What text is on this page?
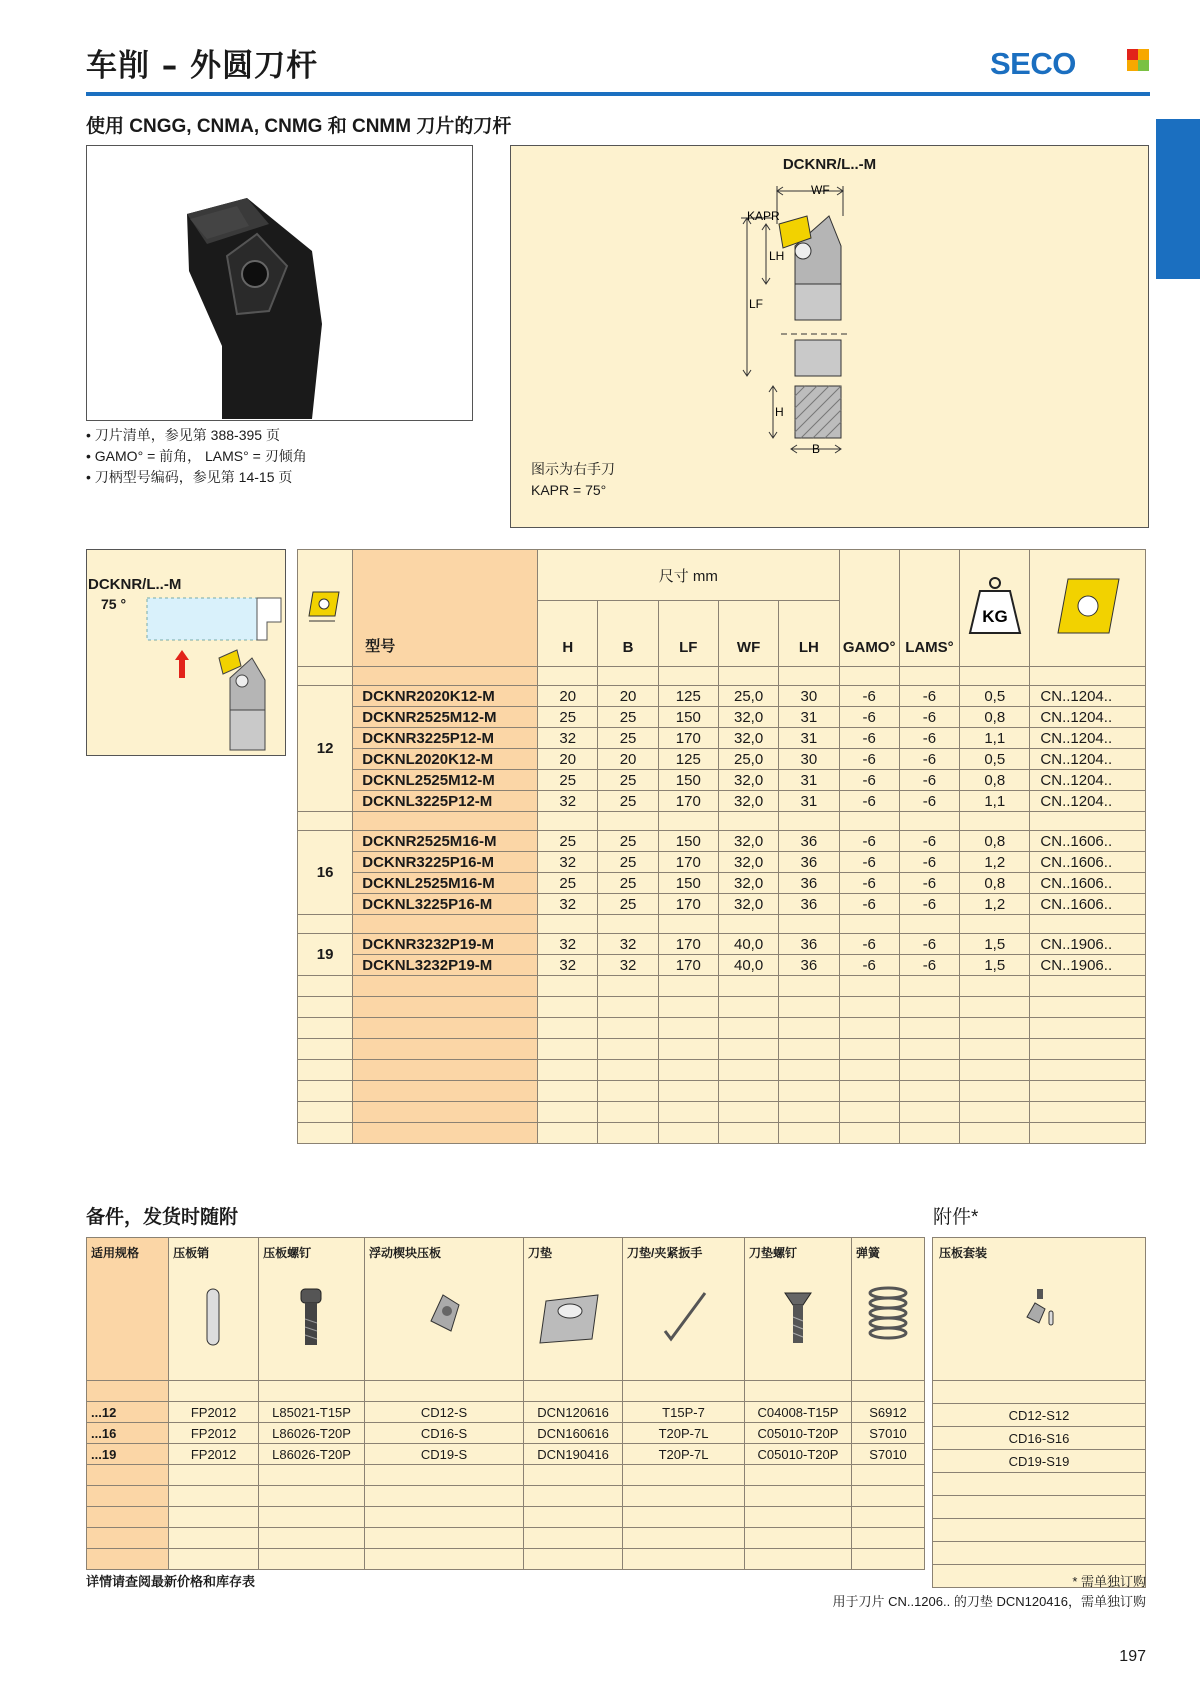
车削 – 外圆刀杆	SECO
使用 CNGG, CNMA, CNMG 和 CNMM 刀片的刀杆
• 刀片清单，参见第 388-395 页
• GAMO° = 前角， LAMS° = 刃倾角
• 刀柄型号编码，参见第 14-15 页
DCKNR/L..-M
WF
KAPR
LH
LF
H
B
图示为右手刀
KAPR = 75°
DCKNR/L..-M
75 °
	型号	尺寸 mm					GAMO°	LAMS°	KG

		H	B	LF	WF	LH				

12	DCKNR2020K12-M	20	20	125	25,0	30	-6	-6	0,5	CN..1204..
	DCKNR2525M12-M	25	25	150	32,0	31	-6	-6	0,8	CN..1204..
	DCKNR3225P12-M	32	25	170	32,0	31	-6	-6	1,1	CN..1204..
	DCKNL2020K12-M	20	20	125	25,0	30	-6	-6	0,5	CN..1204..
	DCKNL2525M12-M	25	25	150	32,0	31	-6	-6	0,8	CN..1204..
	DCKNL3225P12-M	32	25	170	32,0	31	-6	-6	1,1	CN..1204..

16	DCKNR2525M16-M	25	25	150	32,0	36	-6	-6	0,8	CN..1606..
	DCKNR3225P16-M	32	25	170	32,0	36	-6	-6	1,2	CN..1606..
	DCKNL2525M16-M	25	25	150	32,0	36	-6	-6	0,8	CN..1606..
	DCKNL3225P16-M	32	25	170	32,0	36	-6	-6	1,2	CN..1606..

19	DCKNR3232P19-M	32	32	170	40,0	36	-6	-6	1,5	CN..1906..
	DCKNL3232P19-M	32	32	170	40,0	36	-6	-6	1,5	CN..1906..

备件，发货时随附	附件*
适用规格	压板销	压板螺钉	浮动楔块压板	刀垫	刀垫/夹紧扳手	刀垫螺钉	弹簧

...12	FP2012	L85021-T15P	CD12-S	DCN120616	T15P-7	C04008-T15P	S6912
...16	FP2012	L86026-T20P	CD16-S	DCN160616	T20P-7L	C05010-T20P	S7010
...19	FP2012	L86026-T20P	CD19-S	DCN190416	T20P-7L	C05010-T20P	S7010

压板套装

CD12-S12
CD16-S16
CD19-S19

详情请查阅最新价格和库存表	* 需单独订购
用于刀片 CN..1206.. 的刀垫 DCN120416，需单独订购
197
